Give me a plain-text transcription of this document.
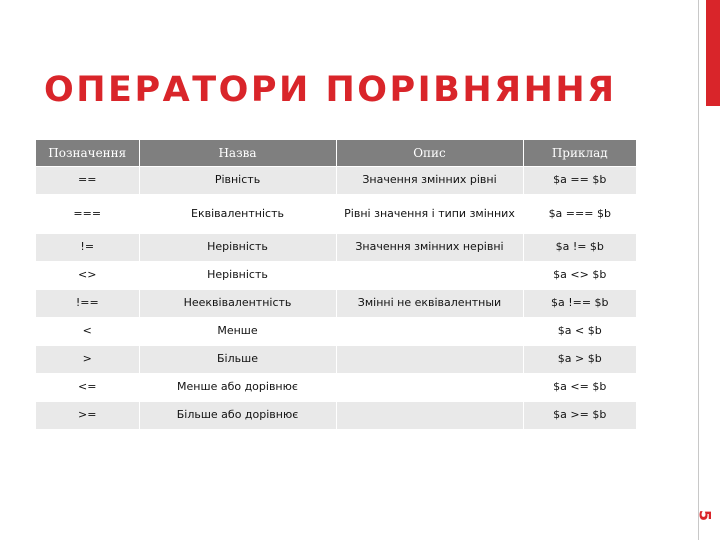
ОПЕРАТОРИ ПОРІВНЯННЯ
Позначення	Назва	Опис	Приклад
==	Рівність	Значення змінних рівні	$a == $b
===	Еквівалентність	Рівні значення і типи змінних	$a === $b
!=	Нерівність	Значення змінних нерівні	$a != $b
<>	Нерівність		$a <> $b
!==	Нееквівалентність	Змінні не еквівалентныи	$a !== $b
<	Менше		$a < $b
>	Більше		$a > $b
<=	Менше або дорівнює		$a <= $b
>=	Більше або дорівнює		$a >= $b
5
